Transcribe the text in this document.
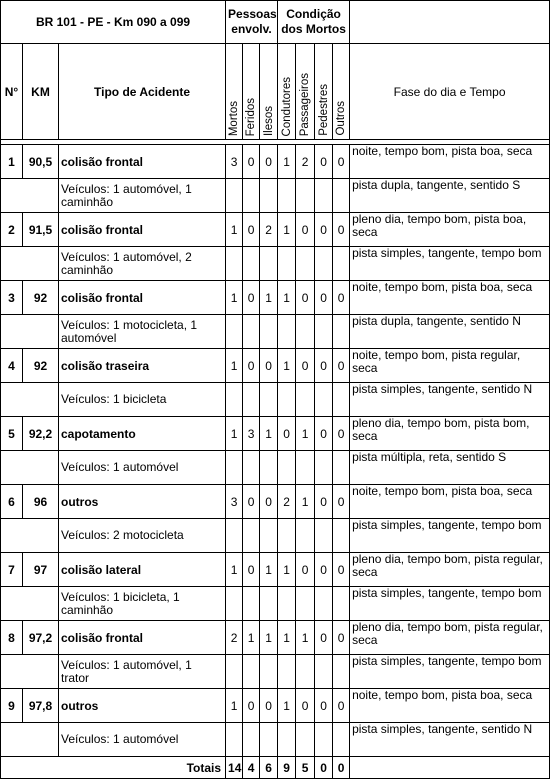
BR 101 - PE - Km 090 a 099			Pessoas envolv.			Condição dos Mortos				
N°	KM	Tipo de Acidente	Mortos	Feridos	Ilesos	Condutores	Passageiros	Pedestres	Outros	Fase do dia e Tempo

1	90,5	colisão frontal	3	0	0	1	2	0	0	noite, tempo bom, pista boa, seca
		Veículos: 1 automóvel, 1 caminhão								pista dupla, tangente, sentido S
2	91,5	colisão frontal	1	0	2	1	0	0	0	pleno dia, tempo bom, pista boa, seca
		Veículos: 1 automóvel, 2 caminhão								pista simples, tangente, tempo bom
3	92	colisão frontal	1	0	1	1	0	0	0	noite, tempo bom, pista boa, seca
		Veículos: 1 motocicleta, 1 automóvel								pista dupla, tangente, sentido N
4	92	colisão traseira	1	0	0	1	0	0	0	noite, tempo bom, pista regular, seca
		Veículos: 1 bicicleta								pista simples, tangente, sentido N
5	92,2	capotamento	1	3	1	0	1	0	0	pleno dia, tempo bom, pista bom, seca
		Veículos: 1 automóvel								pista múltipla, reta, sentido S
6	96	outros	3	0	0	2	1	0	0	noite, tempo bom, pista boa, seca
		Veículos: 2 motocicleta								pista simples, tangente, tempo bom
7	97	colisão lateral	1	0	1	1	0	0	0	pleno dia, tempo bom, pista regular, seca
		Veículos: 1 bicicleta, 1 caminhão								pista simples, tangente, tempo bom
8	97,2	colisão frontal	2	1	1	1	1	0	0	pleno dia, tempo bom, pista regular, seca
		Veículos: 1 automóvel, 1 trator								pista simples, tangente, tempo bom
9	97,8	outros	1	0	0	1	0	0	0	noite, tempo bom, pista boa, seca
		Veículos: 1 automóvel								pista simples, tangente, sentido N
Totais			14	4	6	9	5	0	0	
